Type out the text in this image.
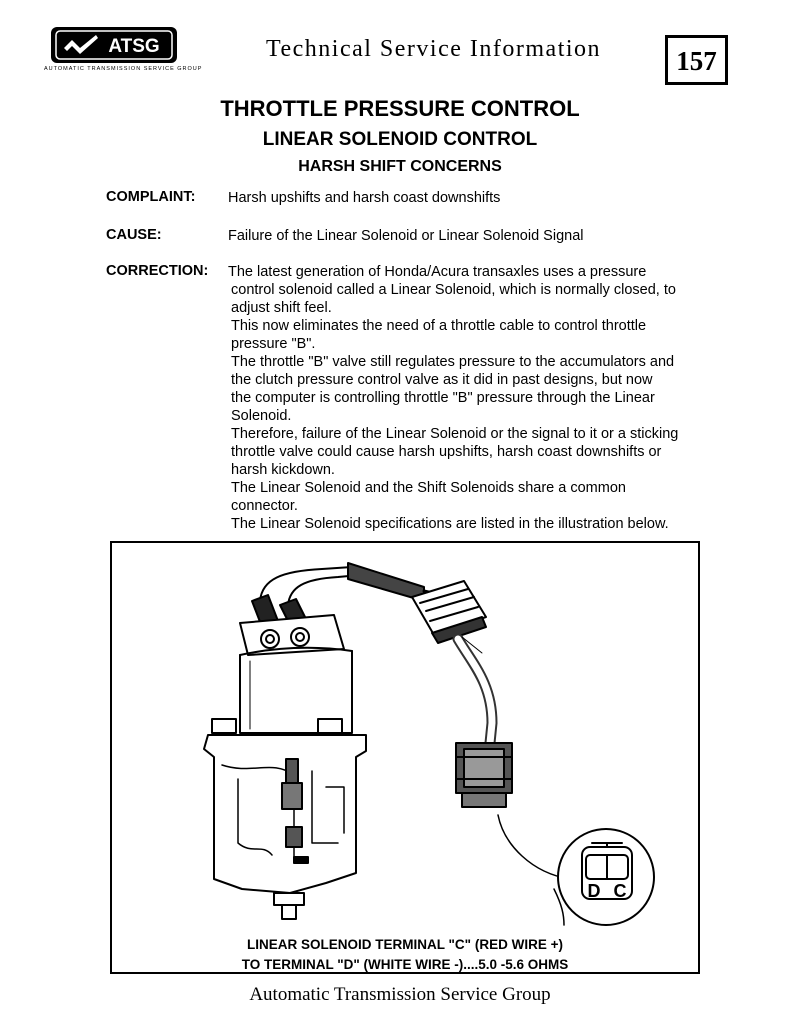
ATSG
AUTOMATIC TRANSMISSION SERVICE GROUP
Technical Service Information	157
THROTTLE PRESSURE CONTROL
LINEAR SOLENOID CONTROL
HARSH SHIFT CONCERNS
COMPLAINT: Harsh upshifts and harsh coast downshifts
CAUSE:	Failure of the Linear Solenoid or Linear Solenoid Signal
CORRECTION: The latest generation of Honda/Acura transaxles uses a pressure
control solenoid called a Linear Solenoid, which is normally closed, to
adjust shift feel.
This now eliminates the need of a throttle cable to control throttle
pressure "B".
The throttle "B" valve still regulates pressure to the accumulators and
the clutch pressure control valve as it did in past designs, but now
the computer is controlling throttle "B" pressure through the Linear
Solenoid.
Therefore, failure of the Linear Solenoid or the signal to it or a sticking
throttle valve could cause harsh upshifts, harsh coast downshifts or
harsh kickdown.
The Linear Solenoid and the Shift Solenoids share a common
connector.
The Linear Solenoid specifications are listed in the illustration below.
D C
LINEAR SOLENOID TERMINAL "C" (RED WIRE +)
TO TERMINAL "D" (WHITE WIRE -)....5.0 -5.6 OHMS
Automatic Transmission Service Group
